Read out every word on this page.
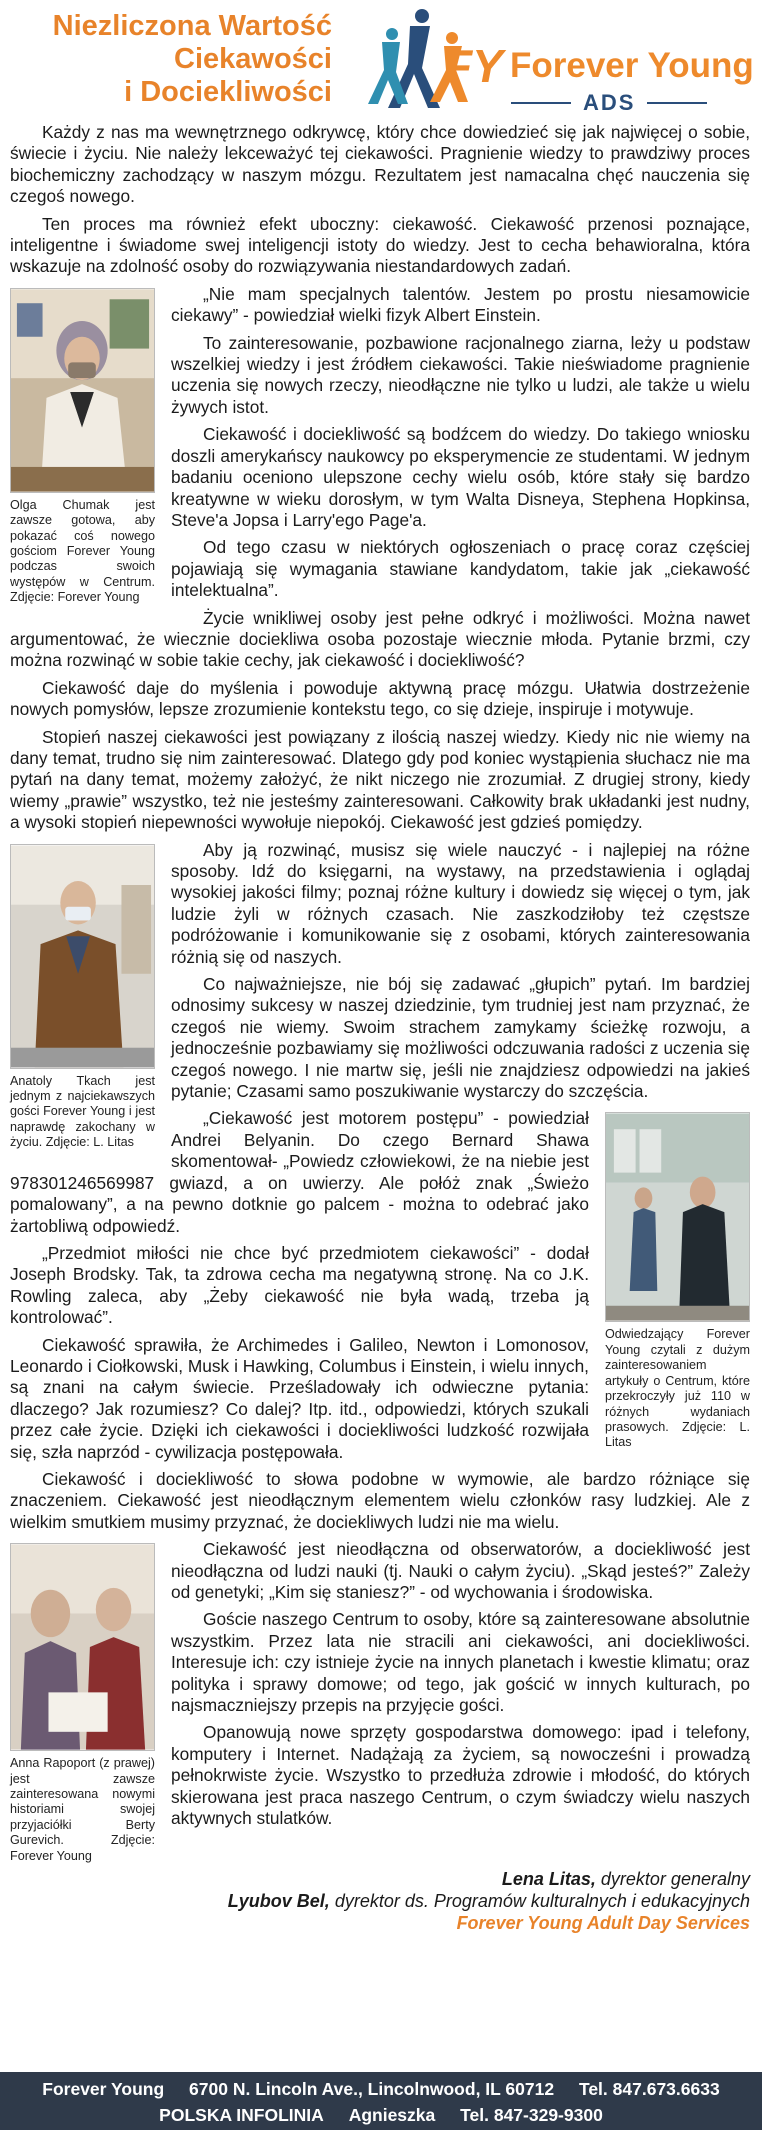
Niezliczona Wartość
Ciekawości
i Dociekliwości FY Forever Young
ADS

Każdy z nas ma wewnętrznego odkrywcę, który chce dowiedzieć się jak najwięcej o sobie, świecie i życiu. Nie należy lekceważyć tej ciekawości. Pragnienie wiedzy to prawdziwy proces biochemiczny zachodzący w naszym mózgu. Rezultatem jest namacalna chęć nauczenia się czegoś nowego.

Ten proces ma również efekt uboczny: ciekawość. Ciekawość przenosi poznające, inteligentne i świadome swej inteligencji istoty do wiedzy. Jest to cecha behawioralna, która wskazuje na zdolność osoby do rozwiązywania niestandardowych zadań.

Olga Chumak jest zawsze gotowa, aby pokazać coś nowego gościom Forever Young podczas swoich występów w Centrum. Zdjęcie: Forever Young

„Nie mam specjalnych talentów. Jestem po prostu niesamowicie ciekawy” - powiedział wielki fizyk Albert Einstein.

To zainteresowanie, pozbawione racjonalnego ziarna, leży u podstaw wszelkiej wiedzy i jest źródłem ciekawości. Takie nieświadome pragnienie uczenia się nowych rzeczy, nieodłączne nie tylko u ludzi, ale także u wielu żywych istot.

Ciekawość i dociekliwość są bodźcem do wiedzy. Do takiego wniosku doszli amerykańscy naukowcy po eksperymencie ze studentami. W jednym badaniu oceniono ulepszone cechy wielu osób, które stały się bardzo kreatywne w wieku dorosłym, w tym Walta Disneya, Stephena Hopkinsa, Steve'a Jopsa i Larry'ego Page'a.

Od tego czasu w niektórych ogłoszeniach o pracę coraz częściej pojawiają się wymagania stawiane kandydatom, takie jak „ciekawość intelektualna”.

Życie wnikliwej osoby jest pełne odkryć i możliwości. Można nawet argumentować, że wiecznie dociekliwa osoba pozostaje wiecznie młoda. Pytanie brzmi, czy można rozwinąć w sobie takie cechy, jak ciekawość i dociekliwość?

Ciekawość daje do myślenia i powoduje aktywną pracę mózgu. Ułatwia dostrzeżenie nowych pomysłów, lepsze zrozumienie kontekstu tego, co się dzieje, inspiruje i motywuje.

Stopień naszej ciekawości jest powiązany z ilością naszej wiedzy. Kiedy nic nie wiemy na dany temat, trudno się nim zainteresować. Dlatego gdy pod koniec wystąpienia słuchacz nie ma pytań na dany temat, możemy założyć, że nikt niczego nie zrozumiał. Z drugiej strony, kiedy wiemy „prawie” wszystko, też nie jesteśmy zainteresowani. Całkowity brak układanki jest nudny, a wysoki stopień niepewności wywołuje niepokój. Ciekawość jest gdzieś pomiędzy.

Anatoly Tkach jest jednym z najciekawszych gości Forever Young i jest naprawdę zakochany w życiu. Zdjęcie: L. Litas

Aby ją rozwinąć, musisz się wiele nauczyć - i najlepiej na różne sposoby. Idź do księgarni, na wystawy, na przedstawienia i oglądaj wysokiej jakości filmy; poznaj różne kultury i dowiedz się więcej o tym, jak ludzie żyli w różnych czasach. Nie zaszkodziłoby też częstsze podróżowanie i komunikowanie się z osobami, których zainteresowania różnią się od naszych.

Co najważniejsze, nie bój się zadawać „głupich” pytań. Im bardziej odnosimy sukcesy w naszej dziedzinie, tym trudniej jest nam przyznać, że czegoś nie wiemy. Swoim strachem zamykamy ścieżkę rozwoju, a jednocześnie pozbawiamy się możliwości odczuwania radości z uczenia się czegoś nowego. I nie martw się, jeśli nie znajdziesz odpowiedzi na jakieś pytanie; Czasami samo poszukiwanie wystarczy do szczęścia.

Odwiedzający Forever Young czytali z dużym zainteresowaniem artykuły o Centrum, które przekroczyły już 110 w różnych wydaniach prasowych. Zdjęcie: L. Litas

„Ciekawość jest motorem postępu” - powiedział Andrei Belyanin. Do czego Bernard Shawa skomentował- „Powiedz człowiekowi, że na niebie jest 978301246569987 gwiazd, a on uwierzy. Ale połóż znak „Świeżo pomalowany”, a na pewno dotknie go palcem - można to odebrać jako żartobliwą odpowiedź.

„Przedmiot miłości nie chce być przedmiotem ciekawości” - dodał Joseph Brodsky. Tak, ta zdrowa cecha ma negatywną stronę. Na co J.K. Rowling zaleca, aby „Żeby ciekawość nie była wadą, trzeba ją kontrolować”.

Ciekawość sprawiła, że Archimedes i Galileo, Newton i Lomonosov, Leonardo i Ciołkowski, Musk i Hawking, Columbus i Einstein, i wielu innych, są znani na całym świecie. Prześladowały ich odwieczne pytania: dlaczego? Jak rozumiesz? Co dalej? Itp. itd., odpowiedzi, których szukali przez całe życie. Dzięki ich ciekawości i dociekliwości ludzkość rozwijała się, szła naprzód - cywilizacja postępowała.

Ciekawość i dociekliwość to słowa podobne w wymowie, ale bardzo różniące się znaczeniem. Ciekawość jest nieodłącznym elementem wielu członków rasy ludzkiej. Ale z wielkim smutkiem musimy przyznać, że dociekliwych ludzi nie ma wielu.

Anna Rapoport (z prawej) jest zawsze zainteresowana nowymi historiami swojej przyjaciółki Berty Gurevich. Zdjęcie: Forever Young

Ciekawość jest nieodłączna od obserwatorów, a dociekliwość jest nieodłączna od ludzi nauki (tj. Nauki o całym życiu). „Skąd jesteś?” Zależy od genetyki; „Kim się staniesz?” - od wychowania i środowiska.

Goście naszego Centrum to osoby, które są zainteresowane absolutnie wszystkim. Przez lata nie stracili ani ciekawości, ani dociekliwości. Interesuje ich: czy istnieje życie na innych planetach i kwestie klimatu; oraz polityka i sprawy domowe; od tego, jak gościć w innych kulturach, po najsmaczniejszy przepis na przyjęcie gości.

Opanowują nowe sprzęty gospodarstwa domowego: ipad i telefony, komputery i Internet. Nadążają za życiem, są nowocześni i prowadzą pełnokrwiste życie. Wszystko to przedłuża zdrowie i młodość, do których skierowana jest praca naszego Centrum, o czym świadczy wielu naszych aktywnych stulatków.

Lena Litas, dyrektor generalny
Lyubov Bel, dyrektor ds. Programów kulturalnych i edukacyjnych
Forever Young Adult Day Services
Forever Young 6700 N. Lincoln Ave., Lincolnwood, IL 60712 Tel. 847.673.6633
POLSKA INFOLINIA Agnieszka Tel. 847-329-9300
